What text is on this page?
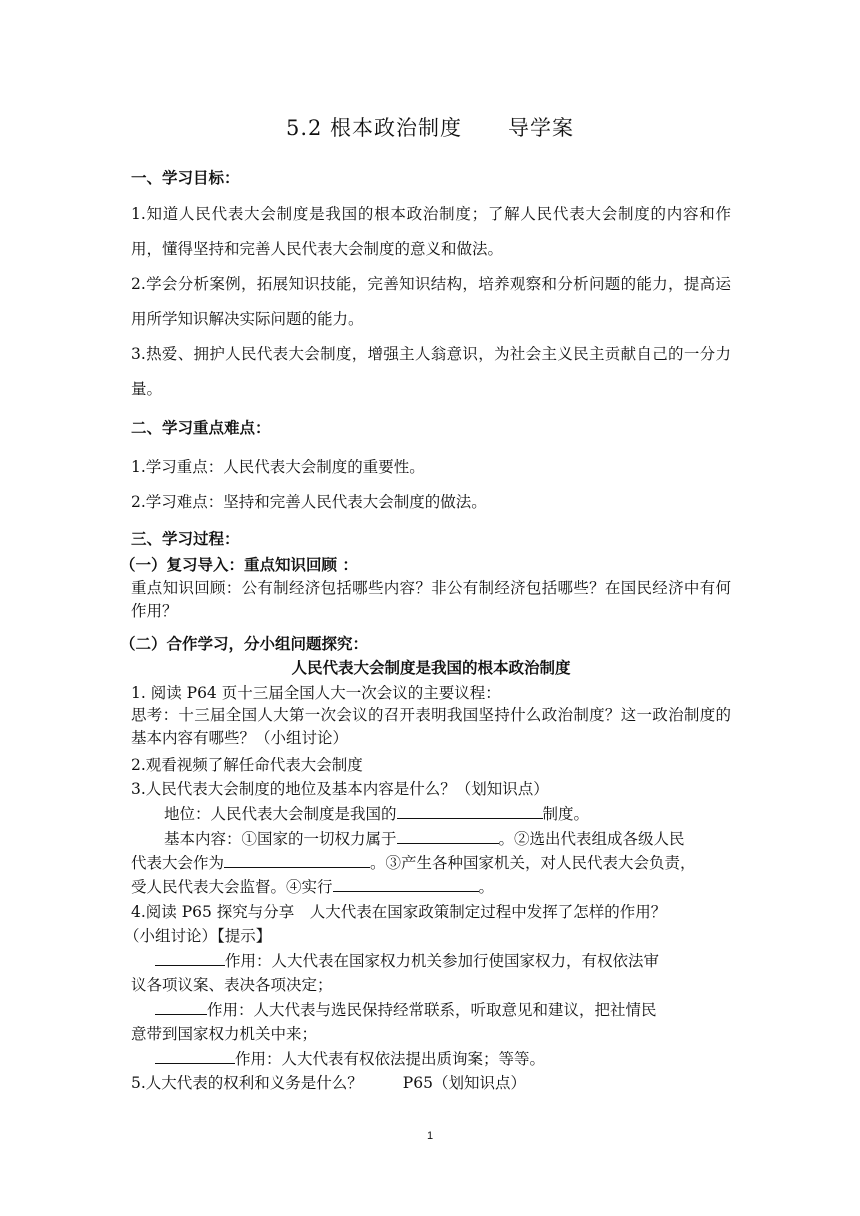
5.2 根本政治制度 导学案
一、学习目标：
1.知道人民代表大会制度是我国的根本政治制度；了解人民代表大会制度的内容和作用，懂得坚持和完善人民代表大会制度的意义和做法。
2.学会分析案例，拓展知识技能，完善知识结构，培养观察和分析问题的能力，提高运用所学知识解决实际问题的能力。
3.热爱、拥护人民代表大会制度，增强主人翁意识，为社会主义民主贡献自己的一分力量。
二、学习重点难点：
1.学习重点：人民代表大会制度的重要性。
2.学习难点：坚持和完善人民代表大会制度的做法。
三、学习过程：
（一）复习导入：重点知识回顾 ：
重点知识回顾：公有制经济包括哪些内容？非公有制经济包括哪些？在国民经济中有何作用？
（二）合作学习，分小组问题探究：
人民代表大会制度是我国的根本政治制度
1. 阅读 P64 页十三届全国人大一次会议的主要议程：
思考：十三届全国人大第一次会议的召开表明我国坚持什么政治制度？这一政治制度的基本内容有哪些？（小组讨论）
2.观看视频了解任命代表大会制度
3.人民代表大会制度的地位及基本内容是什么？（划知识点）
地位：人民代表大会制度是我国的	制度。
基本内容：①国家的一切权力属于	。②选出代表组成各级人民
代表大会作为	。③产生各种国家机关，对人民代表大会负责，
受人民代表大会监督。④实行	。
4.阅读 P65 探究与分享　人大代表在国家政策制定过程中发挥了怎样的作用？
（小组讨论）【提示】
作用：人大代表在国家权力机关参加行使国家权力，有权依法审
议各项议案、表决各项决定；
作用：人大代表与选民保持经常联系，听取意见和建议，把社情民
意带到国家权力机关中来；
作用：人大代表有权依法提出质询案；等等。
5.人大代表的权利和义务是什么？	P65（划知识点）
1
